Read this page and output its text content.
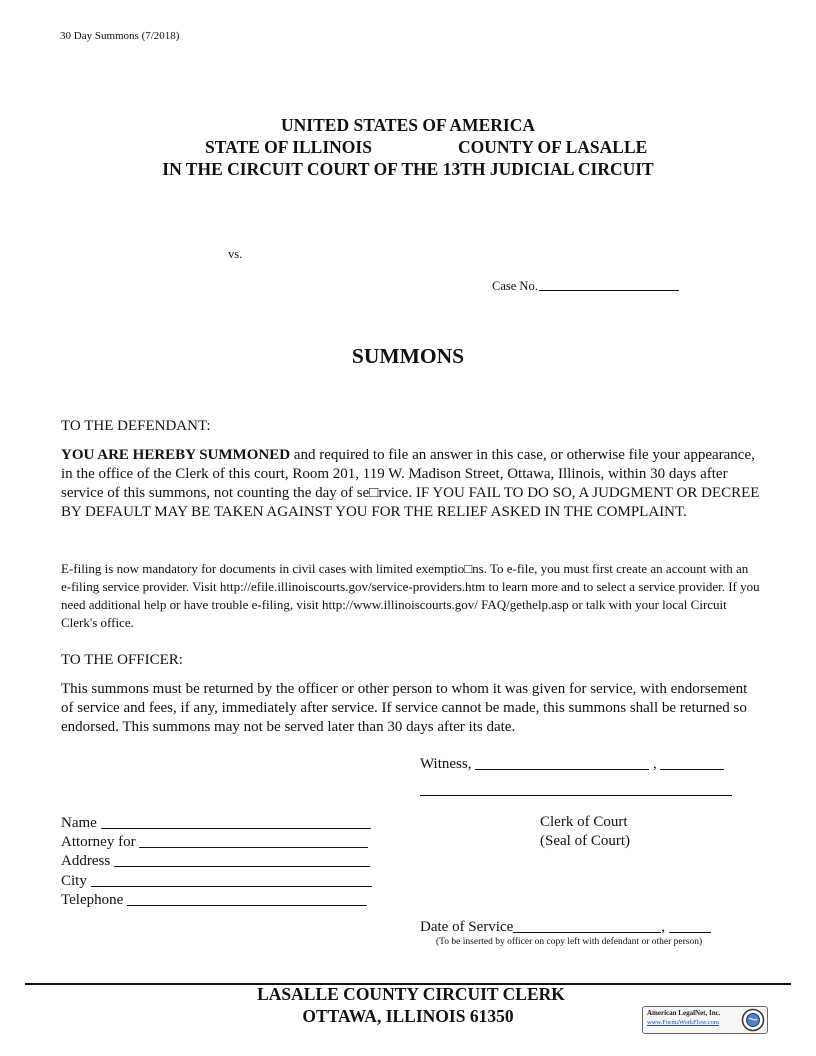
30 Day Summons (7/2018)
UNITED STATES OF AMERICA
STATE OF ILLINOIS	COUNTY OF LASALLE
IN THE CIRCUIT COURT OF THE 13TH JUDICIAL CIRCUIT
vs.
Case No.
SUMMONS
TO THE DEFENDANT:
YOU ARE HEREBY SUMMONED and required to file an answer in this case, or otherwise file your appearance, in the office of the Clerk of this court, Room 201, 119 W. Madison Street, Ottawa, Illinois, within 30 days after service of this summons, not counting the day of se□rvice. IF YOU FAIL TO DO SO, A JUDGMENT OR DECREE BY DEFAULT MAY BE TAKEN AGAINST YOU FOR THE RELIEF ASKED IN THE COMPLAINT.
E-filing is now mandatory for documents in civil cases with limited exemptio□ns. To e-file, you must first create an account with an e-filing service provider. Visit http://efile.illinoiscourts.gov/service-providers.htm to learn more and to select a service provider. If you need additional help or have trouble e-filing, visit http://www.illinoiscourts.gov/ FAQ/gethelp.asp or talk with your local Circuit Clerk's office.
TO THE OFFICER:
This summons must be returned by the officer or other person to whom it was given for service, with endorsement of service and fees, if any, immediately after service. If service cannot be made, this summons shall be returned so endorsed. This summons may not be served later than 30 days after its date.
Witness,	,
Clerk of Court
(Seal of Court)
Name
Attorney for
Address
City
Telephone
Date of Service	,
(To be inserted by officer on copy left with defendant or other person)
LASALLE COUNTY CIRCUIT CLERK
OTTAWA, ILLINOIS 61350	American LegalNet, Inc.
www.FormsWorkFlow.com
